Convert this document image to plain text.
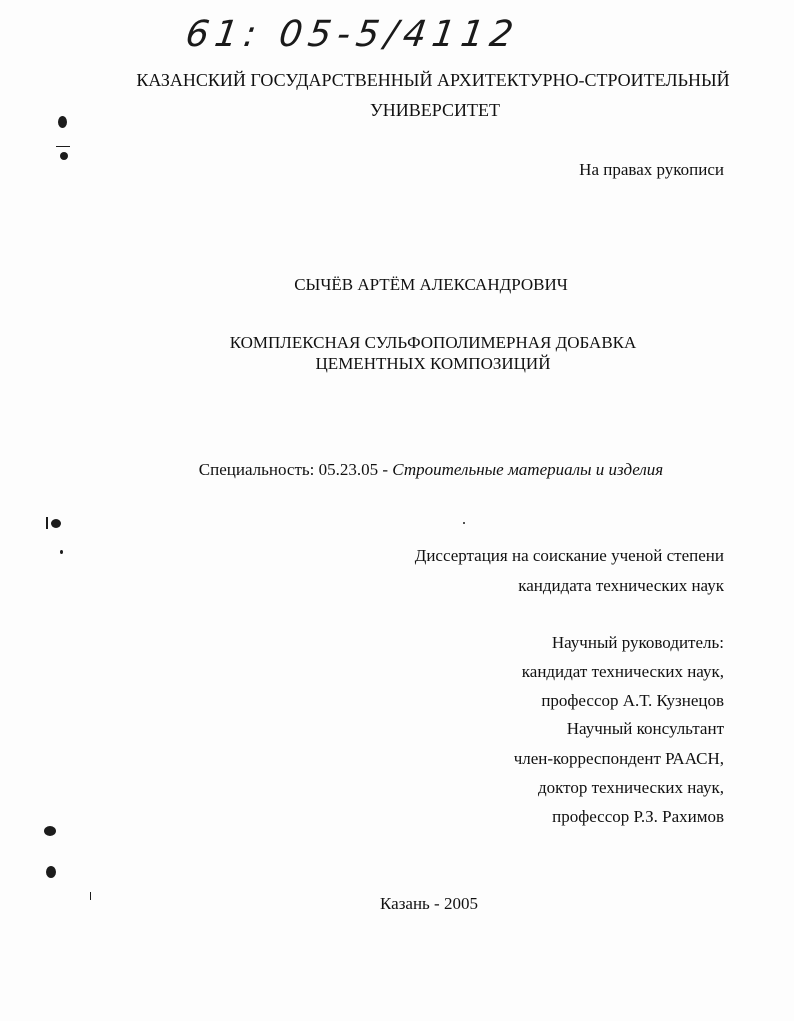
61: 05-5/4112
КАЗАНСКИЙ ГОСУДАРСТВЕННЫЙ АРХИТЕКТУРНО-СТРОИТЕЛЬНЫЙ
УНИВЕРСИТЕТ
На правах рукописи
СЫЧЁВ АРТЁМ АЛЕКСАНДРОВИЧ
КОМПЛЕКСНАЯ СУЛЬФОПОЛИМЕРНАЯ ДОБАВКА
ЦЕМЕНТНЫХ КОМПОЗИЦИЙ
Специальность: 05.23.05 - Строительные материалы и изделия
Диссертация на соискание ученой степени
кандидата технических наук
Научный руководитель:
кандидат технических наук,
профессор А.Т. Кузнецов
Научный консультант
член-корреспондент РААСН,
доктор технических наук,
профессор Р.З. Рахимов
Казань - 2005
